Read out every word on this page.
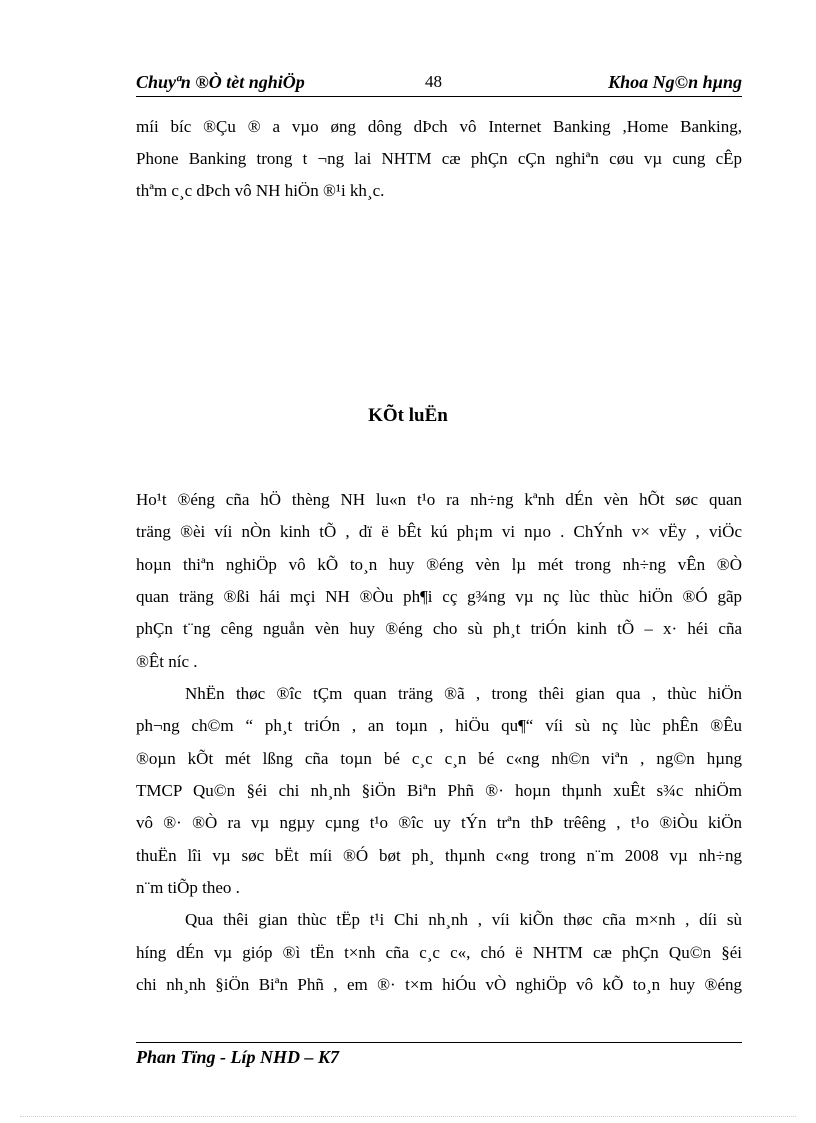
Chuyªn ®Ò tèt nghiÖp	48	Khoa Ng©n hµng
míi bíc ®Çu ® a vµo øng dông dÞch vô Internet Banking ,Home Banking,
Phone Banking trong t ¬ng lai NHTM cæ phÇn cÇn nghiªn cøu vµ cung cÊp
thªm c¸c dÞch vô NH hiÖn ®¹i kh¸c.
KÕt luËn
Ho¹t ®éng cña hÖ thèng NH lu«n t¹o ra nh÷ng kªnh dÉn vèn hÕt søc quan
träng ®èi víi nÒn kinh tÕ , dï ë bÊt kú ph¡m vi nµo . ChÝnh v× vËy , viÖc
hoµn thiªn nghiÖp vô kÕ to¸n huy ®éng vèn lµ mét trong nh÷ng vÊn ®Ò
quan träng ®ßi hái mçi NH ®Òu ph¶i cç g¾ng vµ nç lùc thùc hiÖn ®Ó gãp
phÇn t¨ng cêng nguån vèn huy ®éng cho sù ph¸t triÓn kinh tÕ – x· héi cña
®Êt níc .
NhËn thøc ®îc tÇm quan träng ®ã , trong thêi gian qua , thùc hiÖn
ph¬ng ch©m “ ph¸t triÓn , an toµn , hiÖu qu¶“ víi sù nç lùc phÊn ®Êu
®oµn kÕt mét lßng cña toµn bé c¸c c¸n bé c«ng nh©n viªn , ng©n hµng
TMCP Qu©n §éi chi nh¸nh §iÖn Biªn Phñ ®· hoµn thµnh xuÊt s¾c nhiÖm
vô ®· ®Ò ra vµ ngµy cµng t¹o ®îc uy tÝn trªn thÞ trêêng , t¹o ®iÒu kiÖn
thuËn lîi vµ søc bËt míi ®Ó bøt ph¸ thµnh c«ng trong n¨m 2008 vµ nh÷ng
n¨m tiÕp theo .
Qua thêi gian thùc tËp t¹i Chi nh¸nh , víi kiÕn thøc cña m×nh , díi sù
híng dÉn vµ gióp ®ì tËn t×nh cña c¸c c«, chó ë NHTM cæ phÇn Qu©n §éi
chi nh¸nh §iÖn Biªn Phñ , em ®· t×m hiÓu vÒ nghiÖp vô kÕ to¸n huy ®éng
Phan Tïng - Líp NHD – K7
